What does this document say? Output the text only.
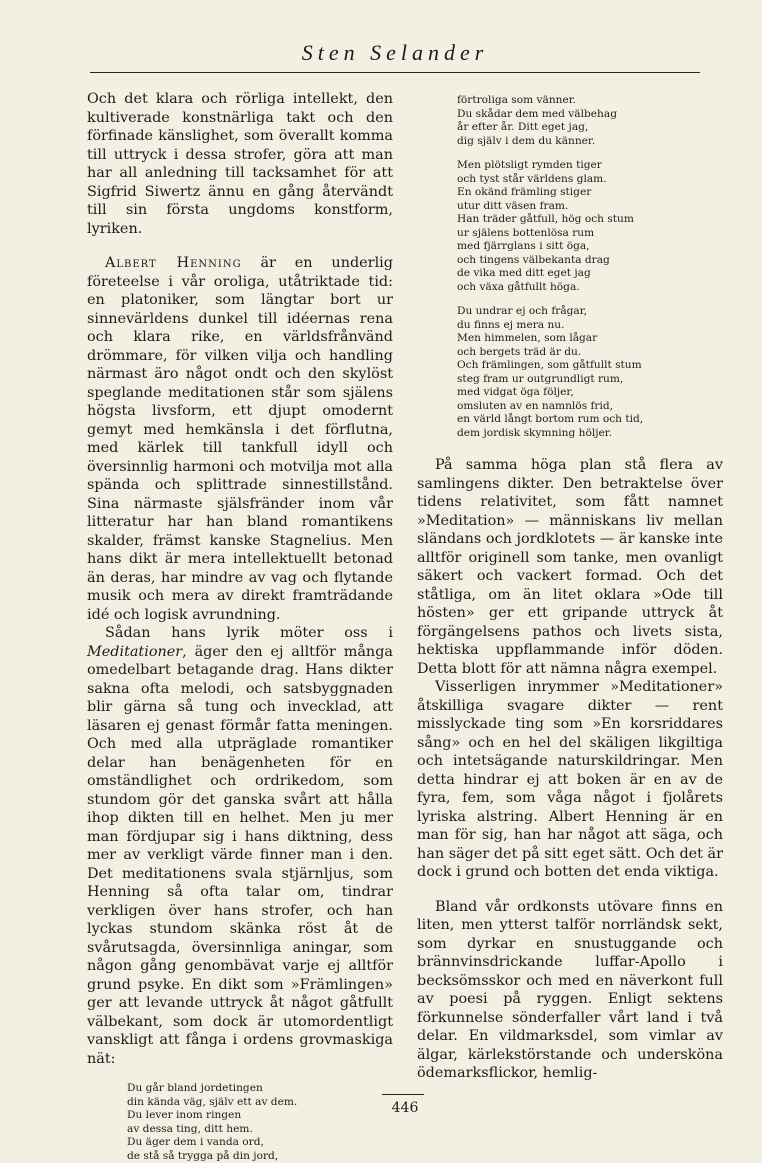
Sten Selander

Och det klara och rörliga intellekt, den kultiverade konstnärliga takt och den förfinade känslighet, som överallt komma till uttryck i dessa strofer, göra att man har all anledning till tacksamhet för att Sigfrid Siwertz ännu en gång återvändt till sin första ungdoms konstform, lyriken.

Albert Henning är en underlig företeelse i vår oroliga, utåtriktade tid: en platoniker, som längtar bort ur sinnevärldens dunkel till idéernas rena och klara rike, en världsfrånvänd drömmare, för vilken vilja och handling närmast äro något ondt och den skylöst speglande meditationen står som själens högsta livsform, ett djupt omodernt gemyt med hemkänsla i det förflutna, med kärlek till tankfull idyll och översinnlig harmoni och motvilja mot alla spända och splittrade sinnestillstånd. Sina närmaste själsfränder inom vår litteratur har han bland romantikens skalder, främst kanske Stagnelius. Men hans dikt är mera intellektuellt betonad än deras, har mindre av vag och flytande musik och mera av direkt framträdande idé och logisk avrundning.

Sådan hans lyrik möter oss i Meditationer, äger den ej alltför många omedelbart betagande drag. Hans dikter sakna ofta melodi, och satsbyggnaden blir gärna så tung och invecklad, att läsaren ej genast förmår fatta meningen. Och med alla utpräglade romantiker delar han benägenheten för en omständlighet och ordrikedom, som stundom gör det ganska svårt att hålla ihop dikten till en helhet. Men ju mer man fördjupar sig i hans diktning, dess mer av verkligt värde finner man i den. Det meditationens svala stjärnljus, som Henning så ofta talar om, tindrar verkligen över hans strofer, och han lyckas stundom skänka röst åt de svårutsagda, översinnliga aningar, som någon gång genombävat varje ej alltför grund psyke. En dikt som »Främlingen» ger att levande uttryck åt något gåtfullt välbekant, som dock är utomordentligt vanskligt att fånga i ordens grovmaskiga nät:

Du går bland jordetingen
din kända väg, själv ett av dem.
Du lever inom ringen
av dessa ting, ditt hem.
Du äger dem i vanda ord,
de stå så trygga på din jord,
förtroliga som vänner.
Du skådar dem med välbehag
år efter år. Ditt eget jag,
dig själv i dem du känner.
Men plötsligt rymden tiger
och tyst står världens glam.
En okänd främling stiger
utur ditt väsen fram.
Han träder gåtfull, hög och stum
ur själens bottenlösa rum
med fjärrglans i sitt öga,
och tingens välbekanta drag
de vika med ditt eget jag
och växa gåtfullt höga.
Du undrar ej och frågar,
du finns ej mera nu.
Men himmelen, som lågar
och bergets träd är du.
Och främlingen, som gåtfullt stum
steg fram ur outgrundligt rum,
med vidgat öga följer,
omsluten av en namnlös frid,
en värld långt bortom rum och tid,
dem jordisk skymning höljer.

På samma höga plan stå flera av samlingens dikter. Den betraktelse över tidens relativitet, som fått namnet »Meditation» — människans liv mellan sländans och jordklotets — är kanske inte alltför originell som tanke, men ovanligt säkert och vackert formad. Och det ståtliga, om än litet oklara »Ode till hösten» ger ett gripande uttryck åt förgängelsens pathos och livets sista, hektiska uppflammande inför döden. Detta blott för att nämna några exempel.

Visserligen inrymmer »Meditationer» åtskilliga svagare dikter — rent misslyckade ting som »En korsriddares sång» och en hel del skäligen likgiltiga och intetsägande naturskildringar. Men detta hindrar ej att boken är en av de fyra, fem, som våga något i fjolårets lyriska alstring. Albert Henning är en man för sig, han har något att säga, och han säger det på sitt eget sätt. Och det är dock i grund och botten det enda viktiga.

Bland vår ordkonsts utövare finns en liten, men ytterst talför norrländsk sekt, som dyrkar en snustuggande och brännvinsdrickande luffar-Apollo i becksömsskor och med en näverkont full av poesi på ryggen. Enligt sektens förkunnelse sönderfaller vårt land i två delar. En vildmarksdel, som vimlar av älgar, kärlekstörstande och underskönа ödemarksflickor, hemlig-

446
